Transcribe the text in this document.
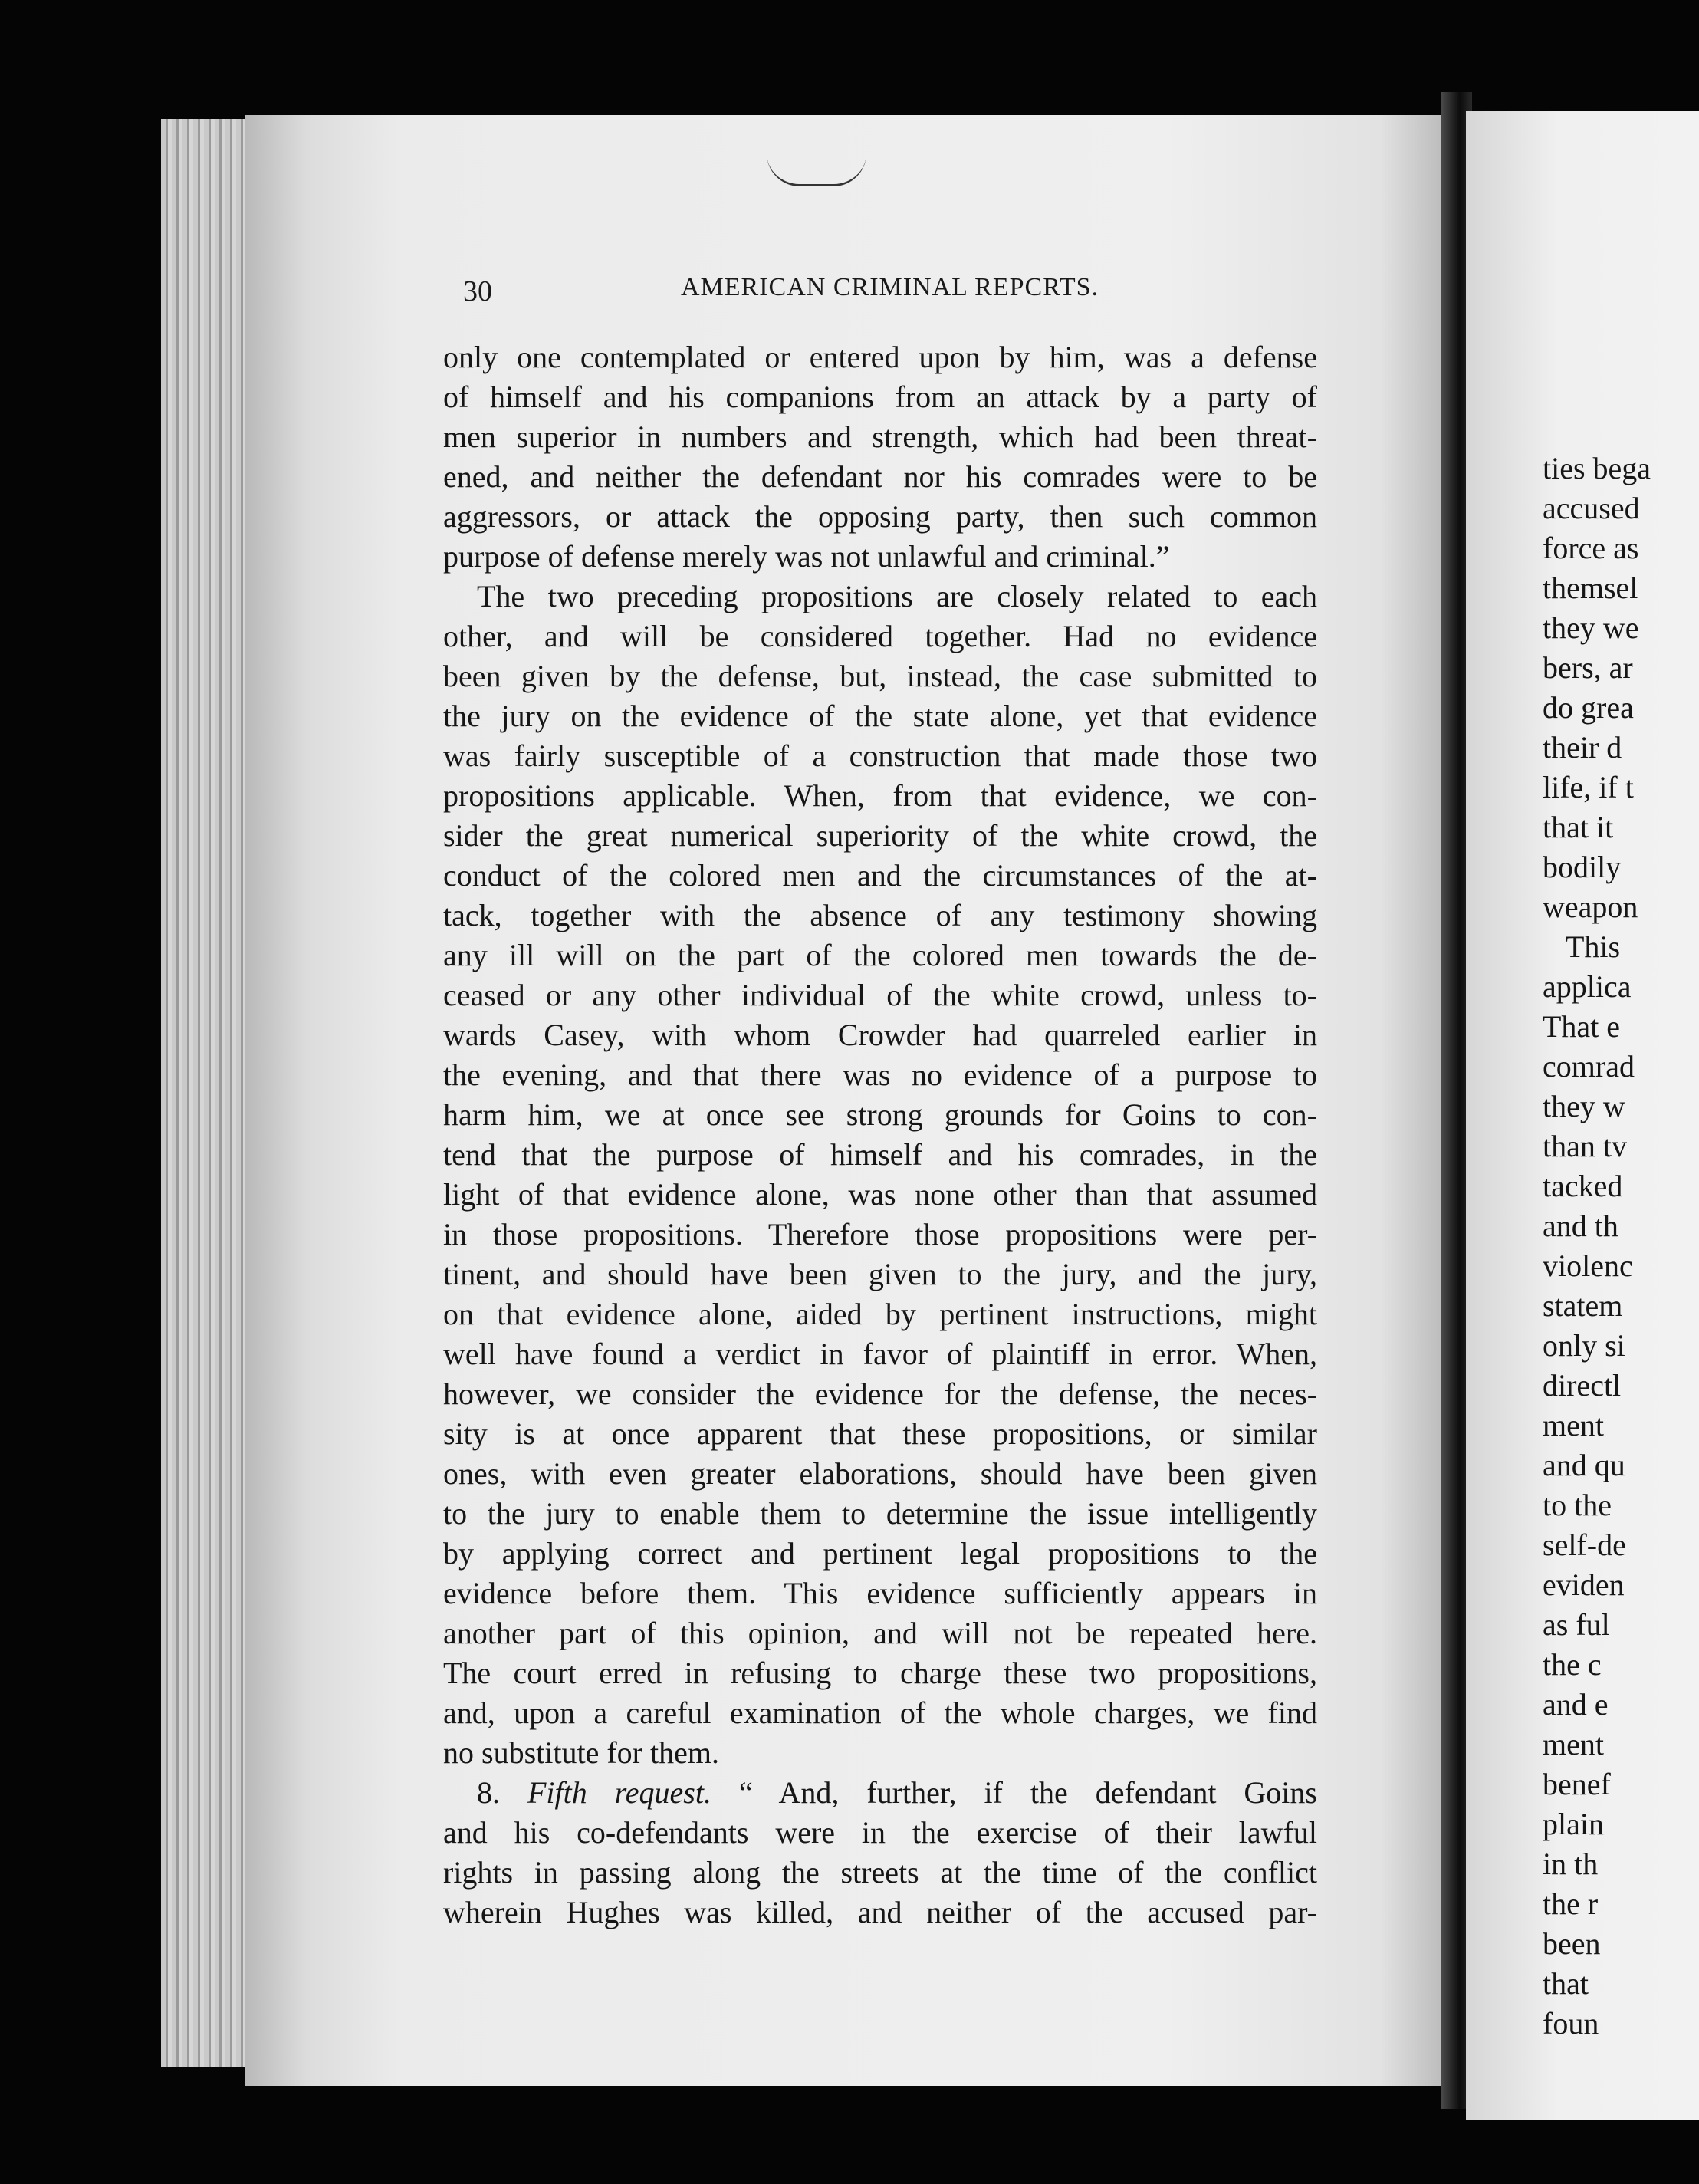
30	AMERICAN CRIMINAL REPCRTS.
only one contemplated or entered upon by him, was a defense
of himself and his companions from an attack by a party of
men superior in numbers and strength, which had been threat-
ened, and neither the defendant nor his comrades were to be
aggressors, or attack the opposing party, then such common
purpose of defense merely was not unlawful and criminal.”
The two preceding propositions are closely related to each
other, and will be considered together. Had no evidence
been given by the defense, but, instead, the case submitted to
the jury on the evidence of the state alone, yet that evidence
was fairly susceptible of a construction that made those two
propositions applicable. When, from that evidence, we con-
sider the great numerical superiority of the white crowd, the
conduct of the colored men and the circumstances of the at-
tack, together with the absence of any testimony showing
any ill will on the part of the colored men towards the de-
ceased or any other individual of the white crowd, unless to-
wards Casey, with whom Crowder had quarreled earlier in
the evening, and that there was no evidence of a purpose to
harm him, we at once see strong grounds for Goins to con-
tend that the purpose of himself and his comrades, in the
light of that evidence alone, was none other than that assumed
in those propositions. Therefore those propositions were per-
tinent, and should have been given to the jury, and the jury,
on that evidence alone, aided by pertinent instructions, might
well have found a verdict in favor of plaintiff in error. When,
however, we consider the evidence for the defense, the neces-
sity is at once apparent that these propositions, or similar
ones, with even greater elaborations, should have been given
to the jury to enable them to determine the issue intelligently
by applying correct and pertinent legal propositions to the
evidence before them. This evidence sufficiently appears in
another part of this opinion, and will not be repeated here.
The court erred in refusing to charge these two propositions,
and, upon a careful examination of the whole charges, we find
no substitute for them.
8. Fifth request. “ And, further, if the defendant Goins
and his co-defendants were in the exercise of their lawful
rights in passing along the streets at the time of the conflict
wherein Hughes was killed, and neither of the accused par-
ties bega
accused
force as
themsel
they we
bers, ar
do grea
their d
life, if t
that it
bodily
weapon
This
applica
That e
comrad
they w
than tv
tacked
and th
violenc
statem
only si
directl
ment
and qu
to the
self-de
eviden
as ful
the c
and e
ment
benef
plain
in th
the r
been
that
foun
